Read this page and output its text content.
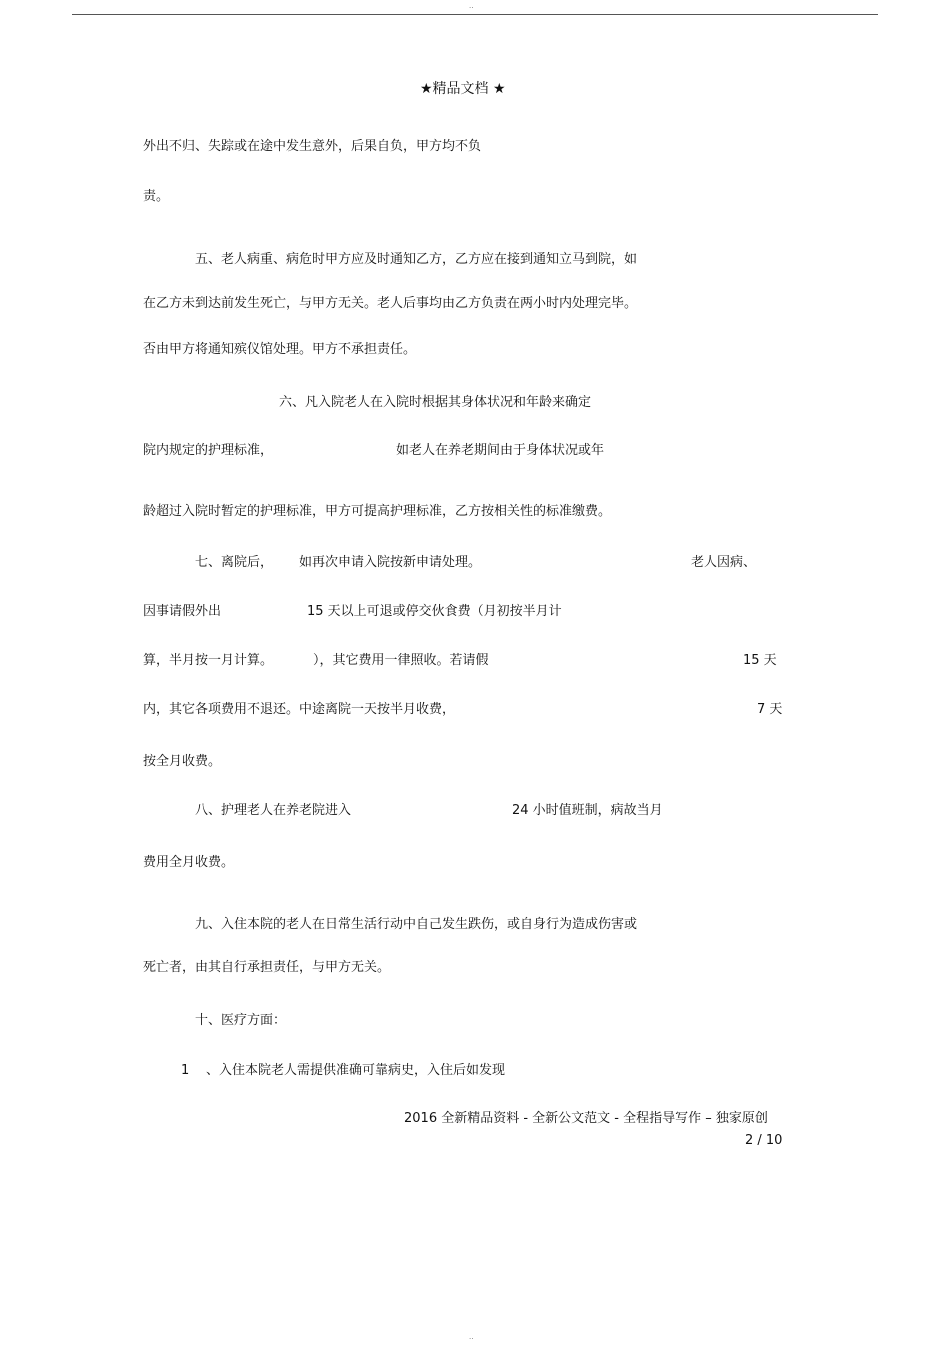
..
★精品文档 ★
外出不归、失踪或在途中发生意外，后果自负，甲方均不负
责。
五、老人病重、病危时甲方应及时通知乙方，乙方应在接到通知立马到院，如
在乙方未到达前发生死亡，与甲方无关。老人后事均由乙方负责在两小时内处理完毕。
否由甲方将通知殡仪馆处理。甲方不承担责任。
六、凡入院老人在入院时根据其身体状况和年龄来确定
院内规定的护理标准，	如老人在养老期间由于身体状况或年
龄超过入院时暂定的护理标准，甲方可提高护理标准，乙方按相关性的标准缴费。
七、离院后， 如再次申请入院按新申请处理。	老人因病、
因事请假外出	15 天以上可退或停交伙食费（月初按半月计
算，半月按一月计算。	），其它费用一律照收。若请假	15 天
内，其它各项费用不退还。中途离院一天按半月收费，	7 天
按全月收费。
八、护理老人在养老院进入	24 小时值班制，病故当月
费用全月收费。
九、入住本院的老人在日常生活行动中自己发生跌伤，或自身行为造成伤害或
死亡者，由其自行承担责任，与甲方无关。
十、医疗方面：
1 、入住本院老人需提供准确可靠病史，入住后如发现
2016 全新精品资料 - 全新公文范文 - 全程指导写作 – 独家原创
2 / 10
..
